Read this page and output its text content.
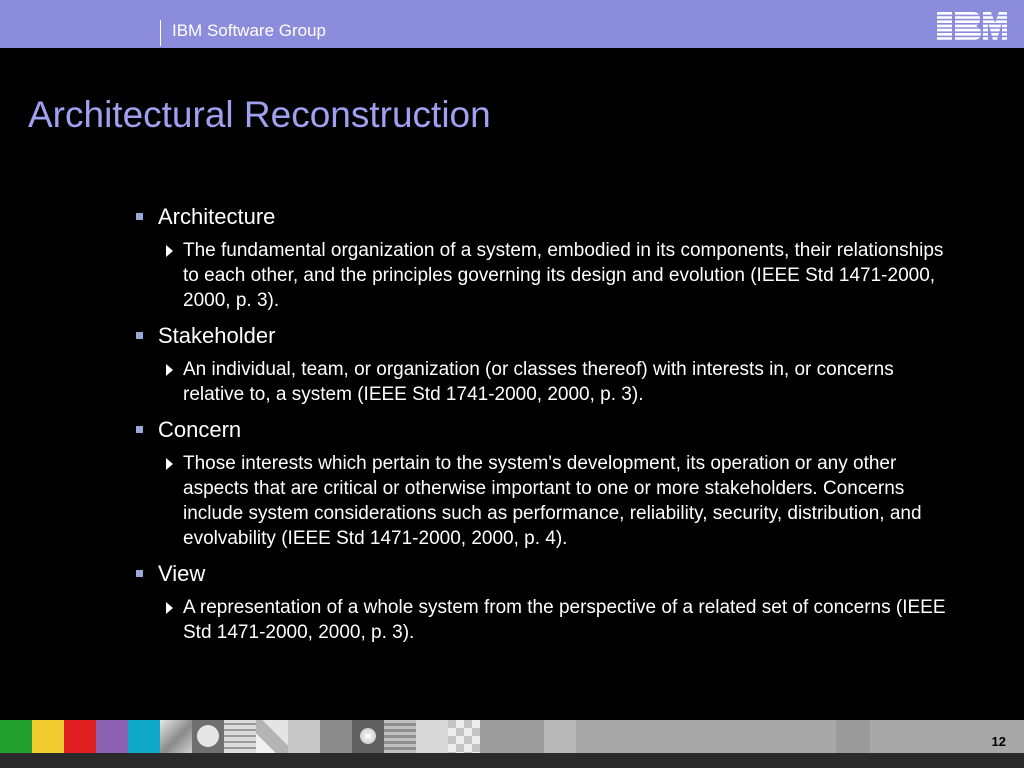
IBM Software Group
Architectural Reconstruction
Architecture
The fundamental organization of a system, embodied in its components, their relationships to each other, and the principles governing its design and evolution (IEEE Std 1471-2000, 2000, p. 3).
Stakeholder
An individual, team, or organization (or classes thereof) with interests in, or concerns relative to, a system (IEEE Std 1741-2000, 2000, p. 3).
Concern
Those interests which pertain to the system's development, its operation or any other aspects that are critical or otherwise important to one or more stakeholders. Concerns include system considerations such as performance, reliability, security, distribution, and evolvability (IEEE Std 1471-2000, 2000, p. 4).
View
A representation of a whole system from the perspective of a related set of concerns (IEEE Std 1471-2000, 2000, p. 3).
12
